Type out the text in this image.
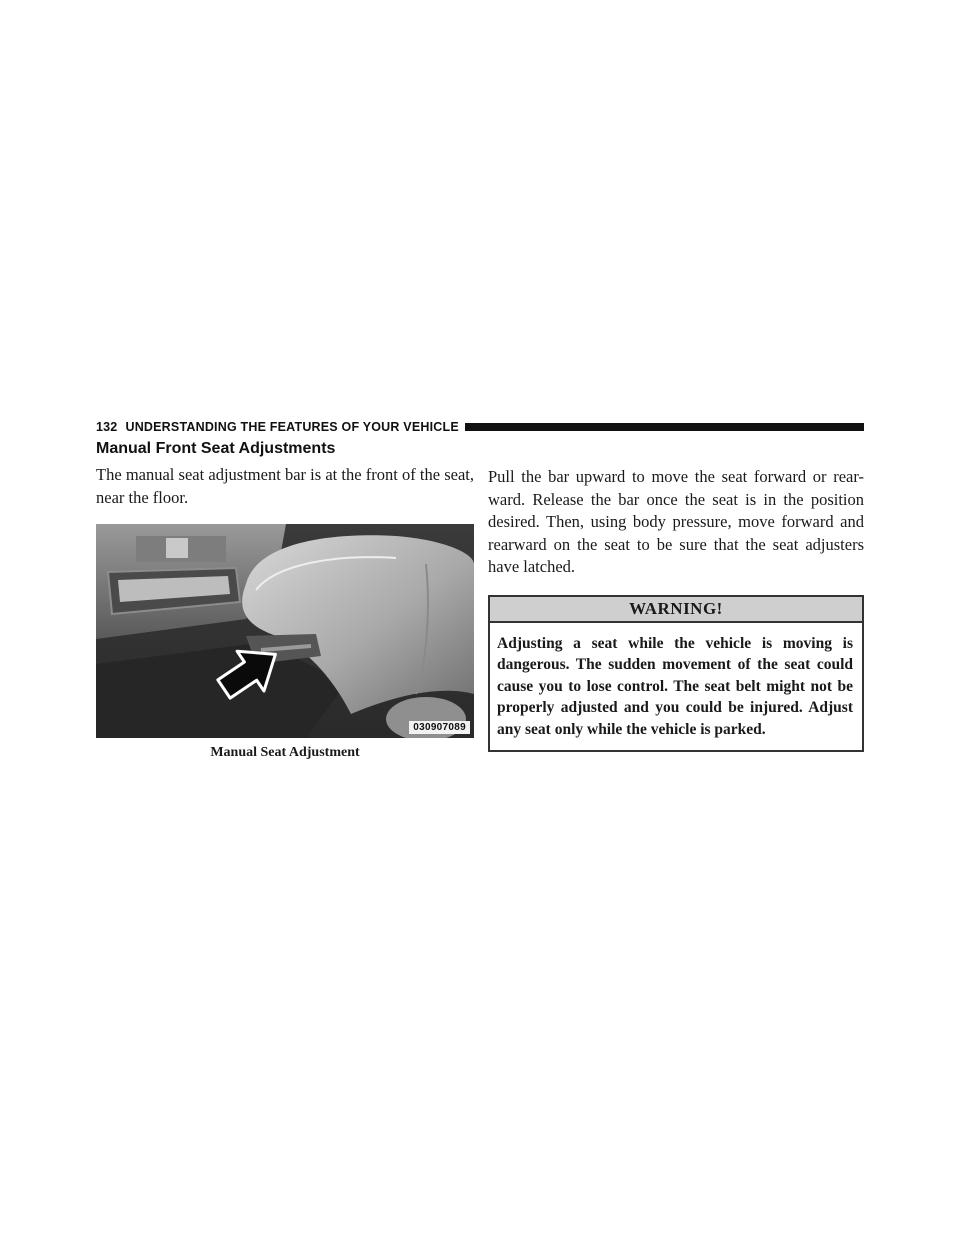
132 UNDERSTANDING THE FEATURES OF YOUR VEHICLE
Manual Front Seat Adjustments

The manual seat adjustment bar is at the front of the seat, near the floor.

030907089
Manual Seat Adjustment

Pull the bar upward to move the seat forward or rear-ward. Release the bar once the seat is in the position desired. Then, using body pressure, move forward and rearward on the seat to be sure that the seat adjusters have latched.

WARNING!
Adjusting a seat while the vehicle is moving is dangerous. The sudden movement of the seat could cause you to lose control. The seat belt might not be properly adjusted and you could be injured. Adjust any seat only while the vehicle is parked.
